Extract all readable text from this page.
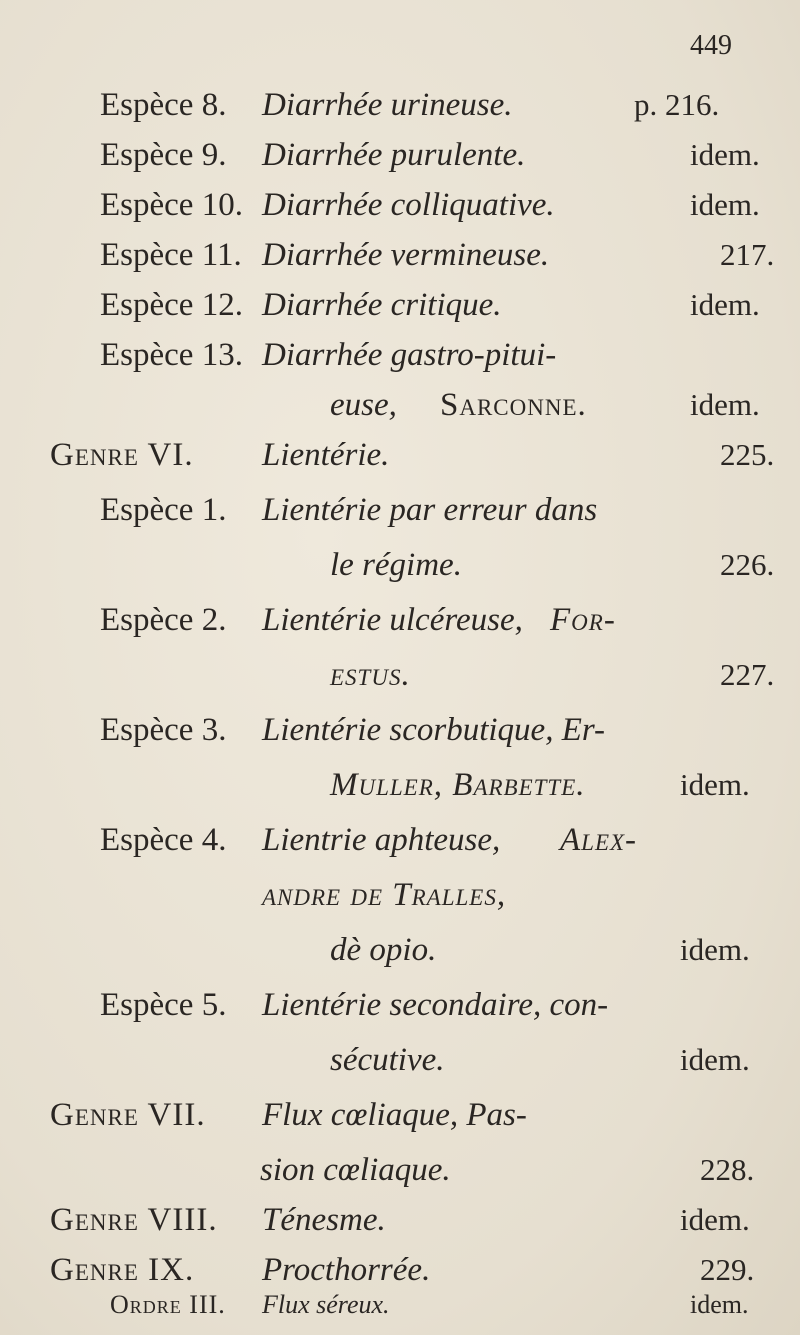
449
Espèce 8. Diarrhée urineuse.	p. 216.
Espèce 9. Diarrhée purulente.	idem.
Espèce 10. Diarrhée colliquative.	idem.
Espèce 11. Diarrhée vermineuse.	217.
Espèce 12. Diarrhée critique.	idem.
Espèce 13. Diarrhée gastro-pitui-
euse, Sarconne.	idem.
Genre VI. Lientérie.	225.
Espèce 1. Lientérie par erreur dans
le régime.	226.
Espèce 2. Lientérie ulcéreuse, For-
estus.	227.
Espèce 3. Lientérie scorbutique, Er-
Muller, Barbette.	idem.
Espèce 4. Lientrie aphteuse, Alex-
andre de Tralles,
dè opio.	idem.
Espèce 5. Lientérie secondaire, con-
sécutive.	idem.
Genre VII. Flux cœliaque, Pas-
sion cœliaque.	228.
Genre VIII. Ténesme.	idem.
Genre IX. Procthorrée.	229.
Ordre III. Flux séreux.	idem.
